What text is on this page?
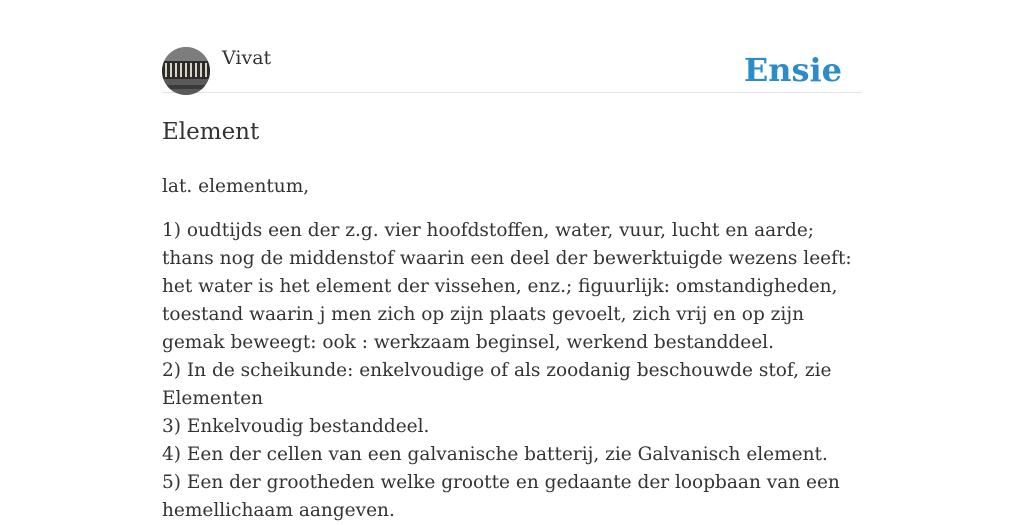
Vivat	Ensie
Element

lat. elementum,

1) oudtijds een der z.g. vier hoofdstoffen, water, vuur, lucht en aarde; thans nog de middenstof waarin een deel der bewerktuigde wezens leeft: het water is het element der vissehen, enz.; figuurlijk: omstandigheden, toestand waarin j men zich op zijn plaats gevoelt, zich vrij en op zijn gemak beweegt: ook : werkzaam beginsel, werkend bestanddeel.

2) In de scheikunde: enkelvoudige of als zoodanig beschouwde stof, zie Elementen

3) Enkelvoudig bestanddeel.

4) Een der cellen van een galvanische batterij, zie Galvanisch element.

5) Een der grootheden welke grootte en gedaante der loopbaan van een hemellichaam aangeven.
